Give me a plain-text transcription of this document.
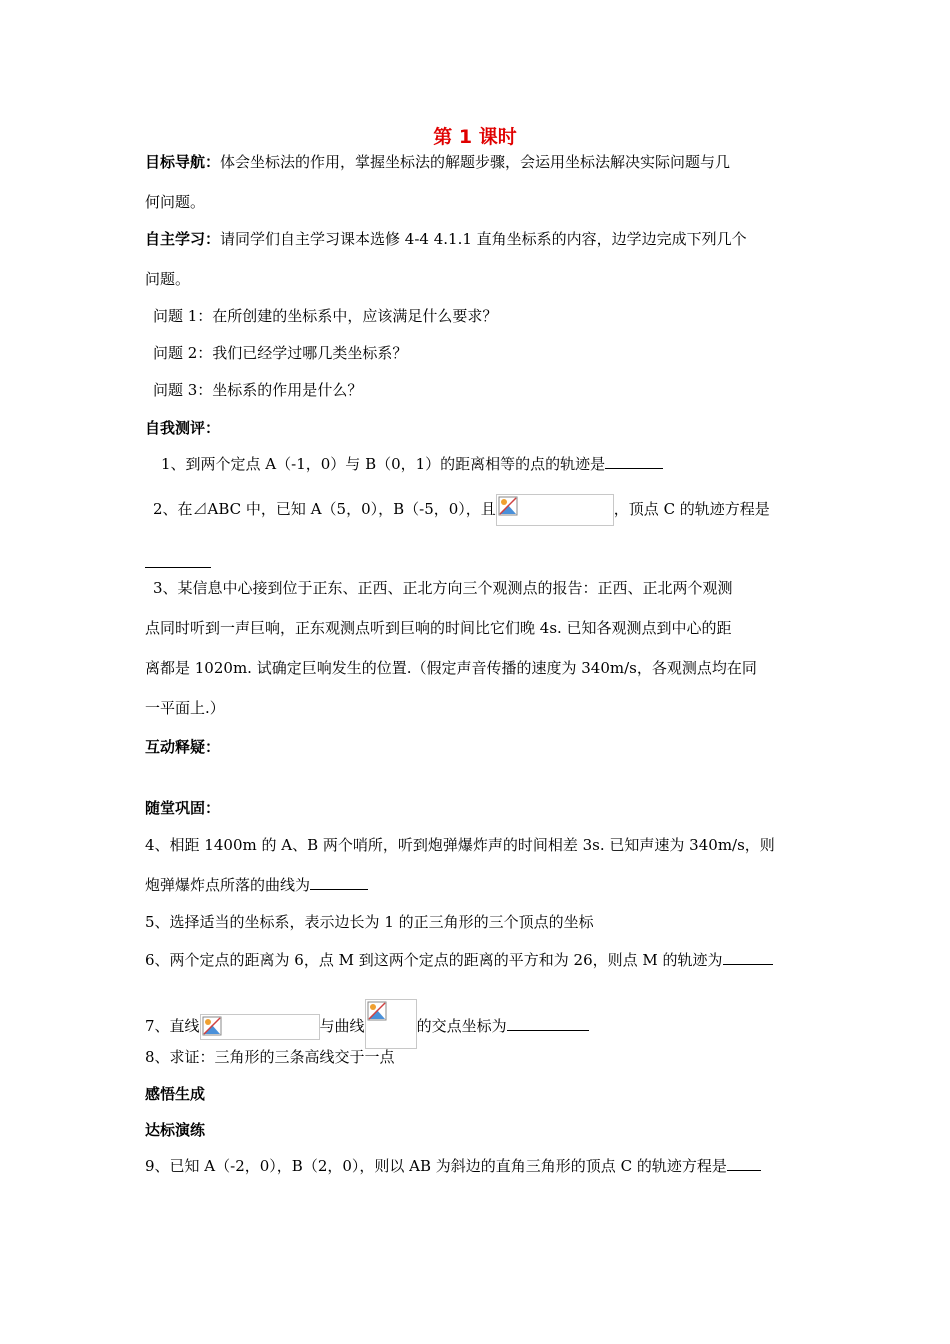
第 1 课时
目标导航：体会坐标法的作用，掌握坐标法的解题步骤，会运用坐标法解决实际问题与几
何问题。
自主学习：请同学们自主学习课本选修 4-4 4.1.1 直角坐标系的内容，边学边完成下列几个
问题。
问题 1：在所创建的坐标系中，应该满足什么要求？
问题 2：我们已经学过哪几类坐标系？
问题 3：坐标系的作用是什么？
自我测评：
1、到两个定点 A（-1，0）与 B（0，1）的距离相等的点的轨迹是
2、在⊿ABC 中，已知 A（5，0），B（-5，0），且	，顶点 C 的轨迹方程是
3、某信息中心接到位于正东、正西、正北方向三个观测点的报告：正西、正北两个观测
点同时听到一声巨响，正东观测点听到巨响的时间比它们晚 4s. 已知各观测点到中心的距
离都是 1020m. 试确定巨响发生的位置.（假定声音传播的速度为 340m/s，各观测点均在同
一平面上.）
互动释疑：
随堂巩固：
4、相距 1400m 的 A、B 两个哨所，听到炮弹爆炸声的时间相差 3s. 已知声速为 340m/s，则
炮弹爆炸点所落的曲线为
5、选择适当的坐标系，表示边长为 1 的正三角形的三个顶点的坐标
6、两个定点的距离为 6，点 M 到这两个定点的距离的平方和为 26，则点 M 的轨迹为
7、直线	与曲线	的交点坐标为
8、求证：三角形的三条高线交于一点
感悟生成
达标演练
9、已知 A（-2，0），B（2，0），则以 AB 为斜边的直角三角形的顶点 C 的轨迹方程是
